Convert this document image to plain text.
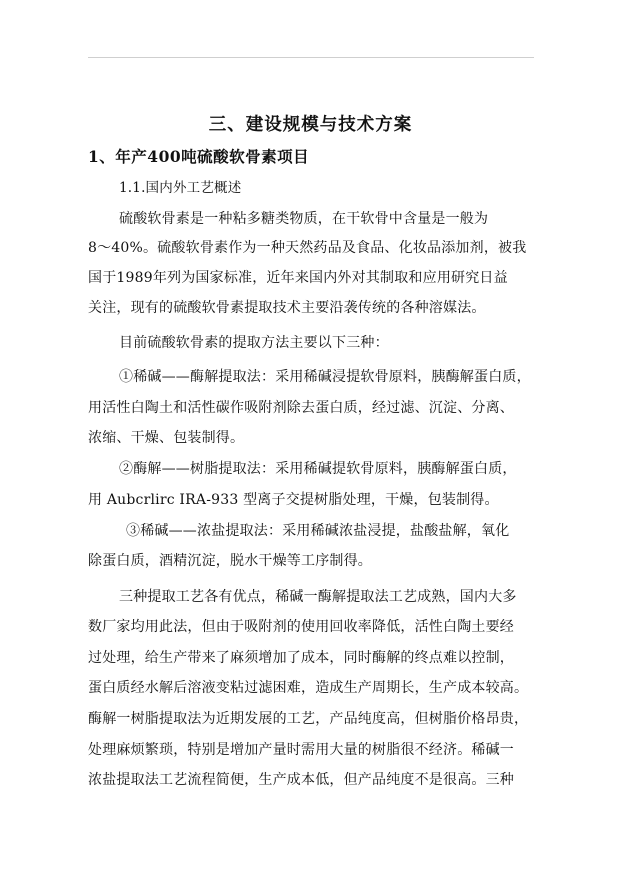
三、建设规模与技术方案
1、年产400吨硫酸软骨素项目
1.1.国内外工艺概述
硫酸软骨素是一种粘多糖类物质，在干软骨中含量是一般为
8～40%。硫酸软骨素作为一种天然药品及食品、化妆品添加剂，被我
国于1989年列为国家标准，近年来国内外对其制取和应用研究日益
关注，现有的硫酸软骨素提取技术主要沿袭传统的各种溶媒法。
目前硫酸软骨素的提取方法主要以下三种：
①稀碱——酶解提取法：采用稀碱浸提软骨原料，胰酶解蛋白质，
用活性白陶土和活性碳作吸附剂除去蛋白质，经过滤、沉淀、分离、
浓缩、干燥、包装制得。
②酶解——树脂提取法：采用稀碱提软骨原料，胰酶解蛋白质，
用 Aubcrlirc IRA-933 型离子交提树脂处理，干燥，包装制得。
③稀碱——浓盐提取法：采用稀碱浓盐浸提，盐酸盐解，氧化
除蛋白质，酒精沉淀，脱水干燥等工序制得。
三种提取工艺各有优点，稀碱一酶解提取法工艺成熟，国内大多
数厂家均用此法，但由于吸附剂的使用回收率降低，活性白陶土要经
过处理，给生产带来了麻须增加了成本，同时酶解的终点难以控制，
蛋白质经水解后溶液变粘过滤困难，造成生产周期长，生产成本较高。
酶解一树脂提取法为近期发展的工艺，产品纯度高，但树脂价格昂贵，
处理麻烦繁琐，特别是增加产量时需用大量的树脂很不经济。稀碱一
浓盐提取法工艺流程简便，生产成本低，但产品纯度不是很高。三种
